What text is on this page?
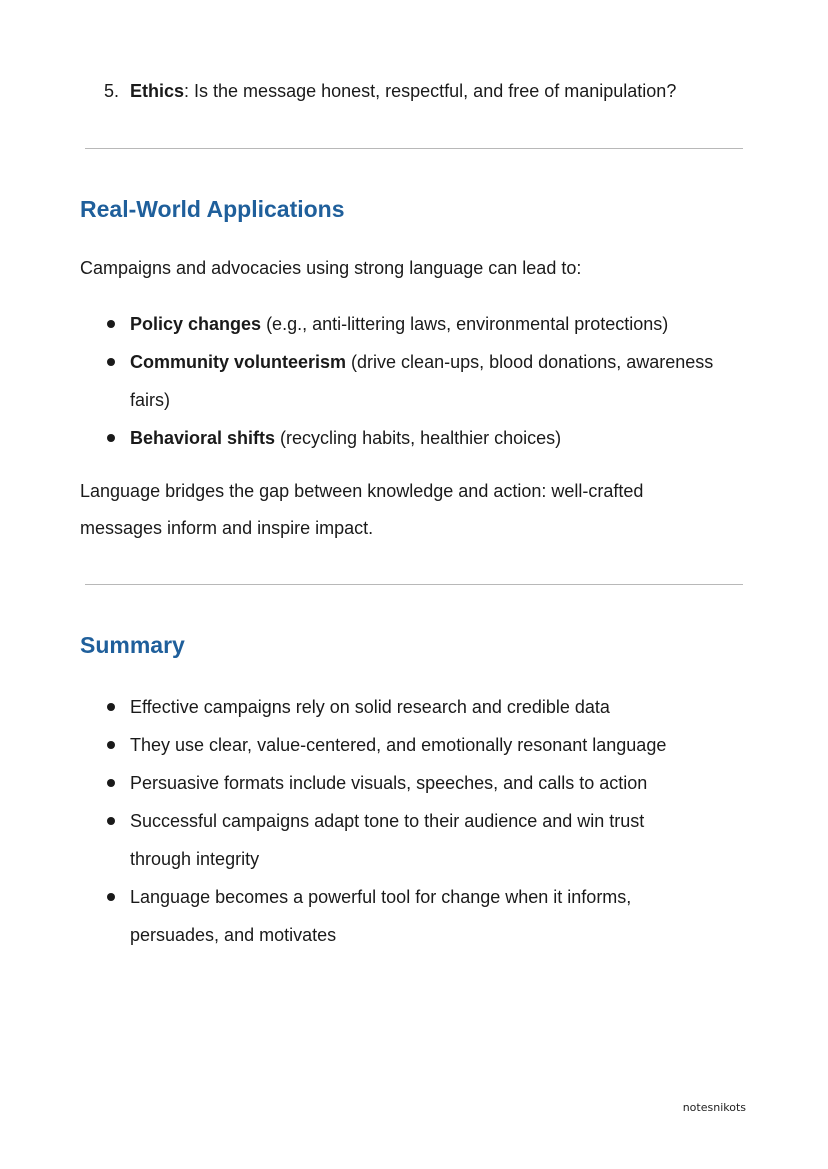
5. Ethics: Is the message honest, respectful, and free of manipulation?
Real-World Applications

Campaigns and advocacies using strong language can lead to:

Policy changes (e.g., anti-littering laws, environmental protections)
Community volunteerism (drive clean-ups, blood donations, awareness fairs)
Behavioral shifts (recycling habits, healthier choices)

Language bridges the gap between knowledge and action: well-crafted messages inform and inspire impact.

Summary
Effective campaigns rely on solid research and credible data
They use clear, value-centered, and emotionally resonant language
Persuasive formats include visuals, speeches, and calls to action
Successful campaigns adapt tone to their audience and win trust through integrity
Language becomes a powerful tool for change when it informs, persuades, and motivates
notesnikots
